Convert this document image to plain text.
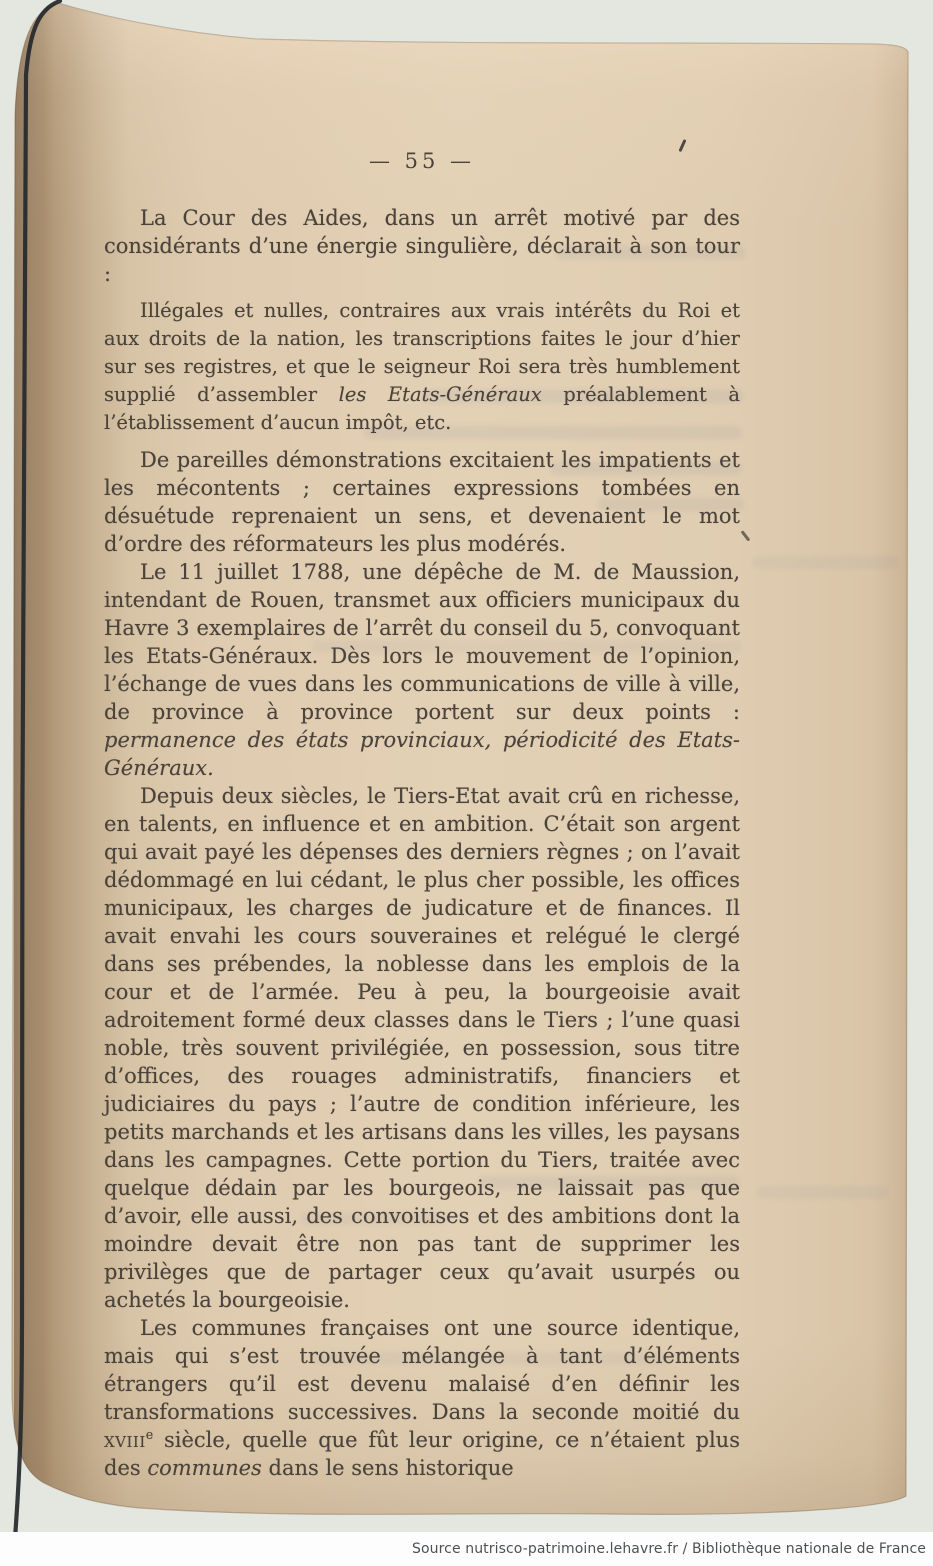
— 55 —

La Cour des Aides, dans un arrêt motivé par des considérants d’une énergie singulière, déclarait à son tour :

Illégales et nulles, contraires aux vrais intérêts du Roi et aux droits de la nation, les transcriptions faites le jour d’hier sur ses registres, et que le seigneur Roi sera très humblement supplié d’assembler les Etats-Généraux préalablement à l’établissement d’aucun impôt, etc.

De pareilles démonstrations excitaient les impatients et les mécontents ; certaines expressions tombées en désuétude reprenaient un sens, et devenaient le mot d’ordre des réformateurs les plus modérés.

Le 11 juillet 1788, une dépêche de M. de Maussion, intendant de Rouen, transmet aux officiers municipaux du Havre 3 exemplaires de l’arrêt du conseil du 5, convoquant les Etats-Généraux. Dès lors le mouvement de l’opinion, l’échange de vues dans les communications de ville à ville, de province à province portent sur deux points : permanence des états provinciaux, périodicité des Etats-Généraux.

Depuis deux siècles, le Tiers-Etat avait crû en richesse, en talents, en influence et en ambition. C’était son argent qui avait payé les dépenses des derniers règnes ; on l’avait dédommagé en lui cédant, le plus cher possible, les offices municipaux, les charges de judicature et de finances. Il avait envahi les cours souveraines et relégué le clergé dans ses prébendes, la noblesse dans les emplois de la cour et de l’armée. Peu à peu, la bourgeoisie avait adroitement formé deux classes dans le Tiers ; l’une quasi noble, très souvent privilégiée, en possession, sous titre d’offices, des rouages administratifs, financiers et judiciaires du pays ; l’autre de condition inférieure, les petits marchands et les artisans dans les villes, les paysans dans les campagnes. Cette portion du Tiers, traitée avec quelque dédain par les bourgeois, ne laissait pas que d’avoir, elle aussi, des convoitises et des ambitions dont la moindre devait être non pas tant de supprimer les privilèges que de partager ceux qu’avait usurpés ou achetés la bourgeoisie.

Les communes françaises ont une source identique, mais qui s’est trouvée mélangée à tant d’éléments étrangers qu’il est devenu malaisé d’en définir les transformations successives. Dans la seconde moitié du xviii$^e$ siècle, quelle que fût leur origine, ce n’étaient plus des communes dans le sens historique

Source nutrisco-patrimoine.lehavre.fr / Bibliothèque nationale de France
